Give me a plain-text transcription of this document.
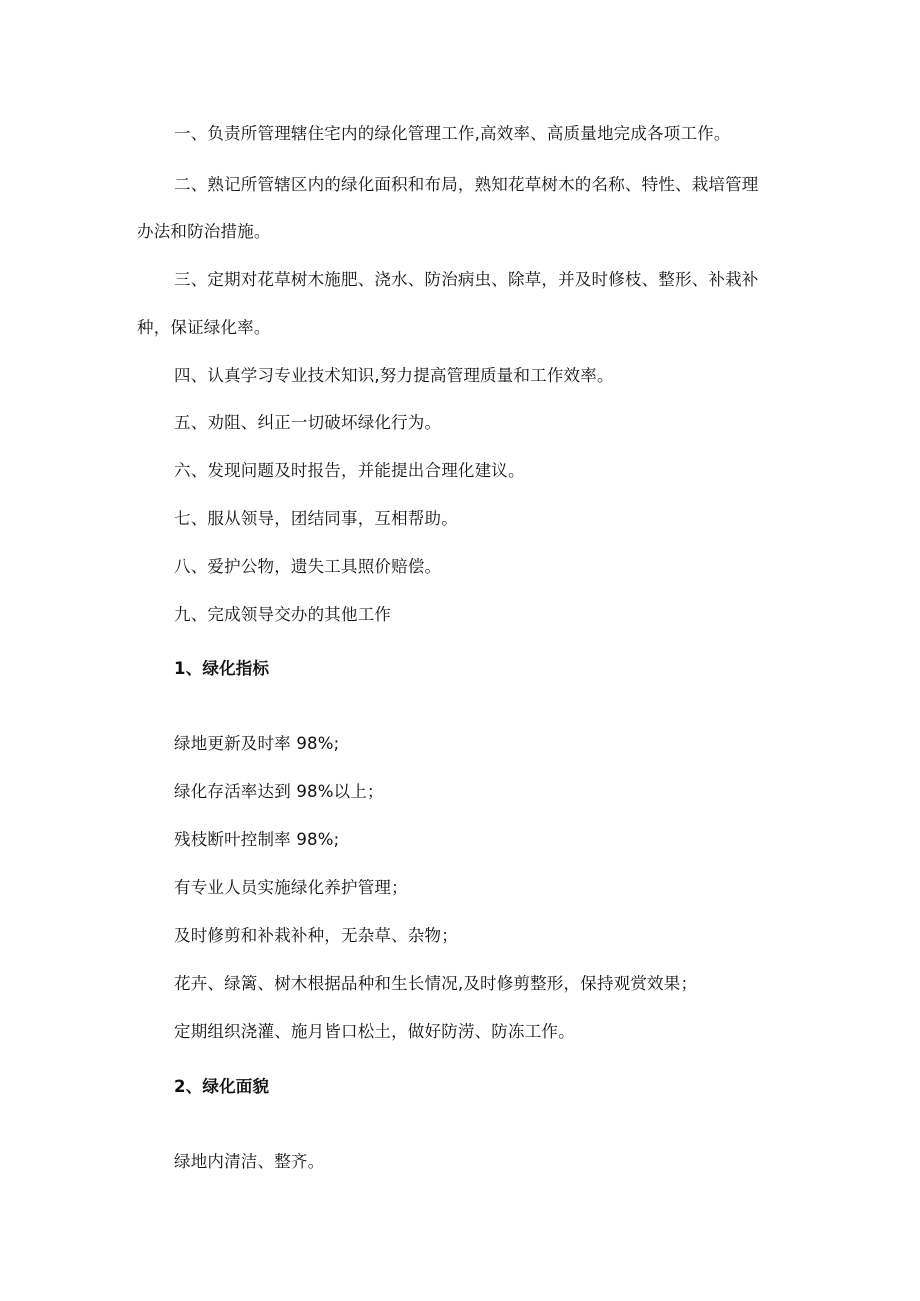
一、负责所管理辖住宅内的绿化管理工作,高效率、高质量地完成各项工作。
二、熟记所管辖区内的绿化面积和布局，熟知花草树木的名称、特性、栽培管理
办法和防治措施。
三、定期对花草树木施肥、浇水、防治病虫、除草，并及时修枝、整形、补栽补
种，保证绿化率。
四、认真学习专业技术知识,努力提高管理质量和工作效率。
五、劝阻、纠正一切破坏绿化行为。
六、发现问题及时报告，并能提出合理化建议。
七、服从领导，团结同事，互相帮助。
八、爱护公物，遗失工具照价赔偿。
九、完成领导交办的其他工作
1、绿化指标
绿地更新及时率 98%;
绿化存活率达到 98%以上；
残枝断叶控制率 98%;
有专业人员实施绿化养护管理；
及时修剪和补栽补种，无杂草、杂物；
花卉、绿篱、树木根据品种和生长情况,及时修剪整形，保持观赏效果；
定期组织浇灌、施月皆口松土，做好防涝、防冻工作。
2、绿化面貌
绿地内清洁、整齐。
